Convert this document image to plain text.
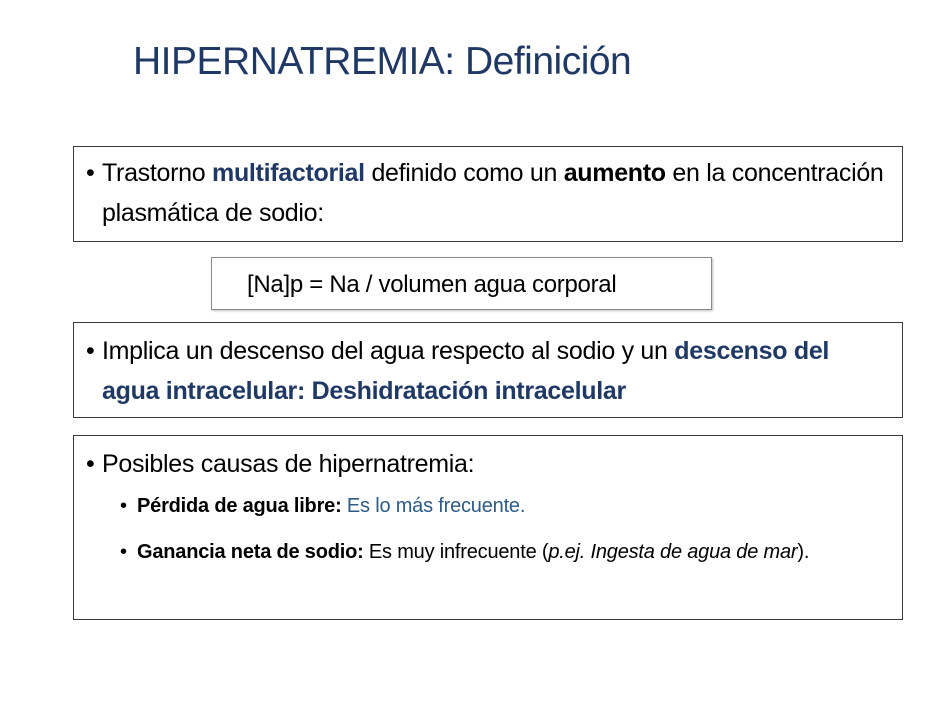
HIPERNATREMIA: Definición
• Trastorno multifactorial definido como un aumento en la concentración plasmática de sodio:
[Na]p = Na / volumen agua corporal
• Implica un descenso del agua respecto al sodio y un descenso del agua intracelular: Deshidratación intracelular
• Posibles causas de hipernatremia:
• Pérdida de agua libre: Es lo más frecuente.
• Ganancia neta de sodio: Es muy infrecuente (p.ej. Ingesta de agua de mar).
